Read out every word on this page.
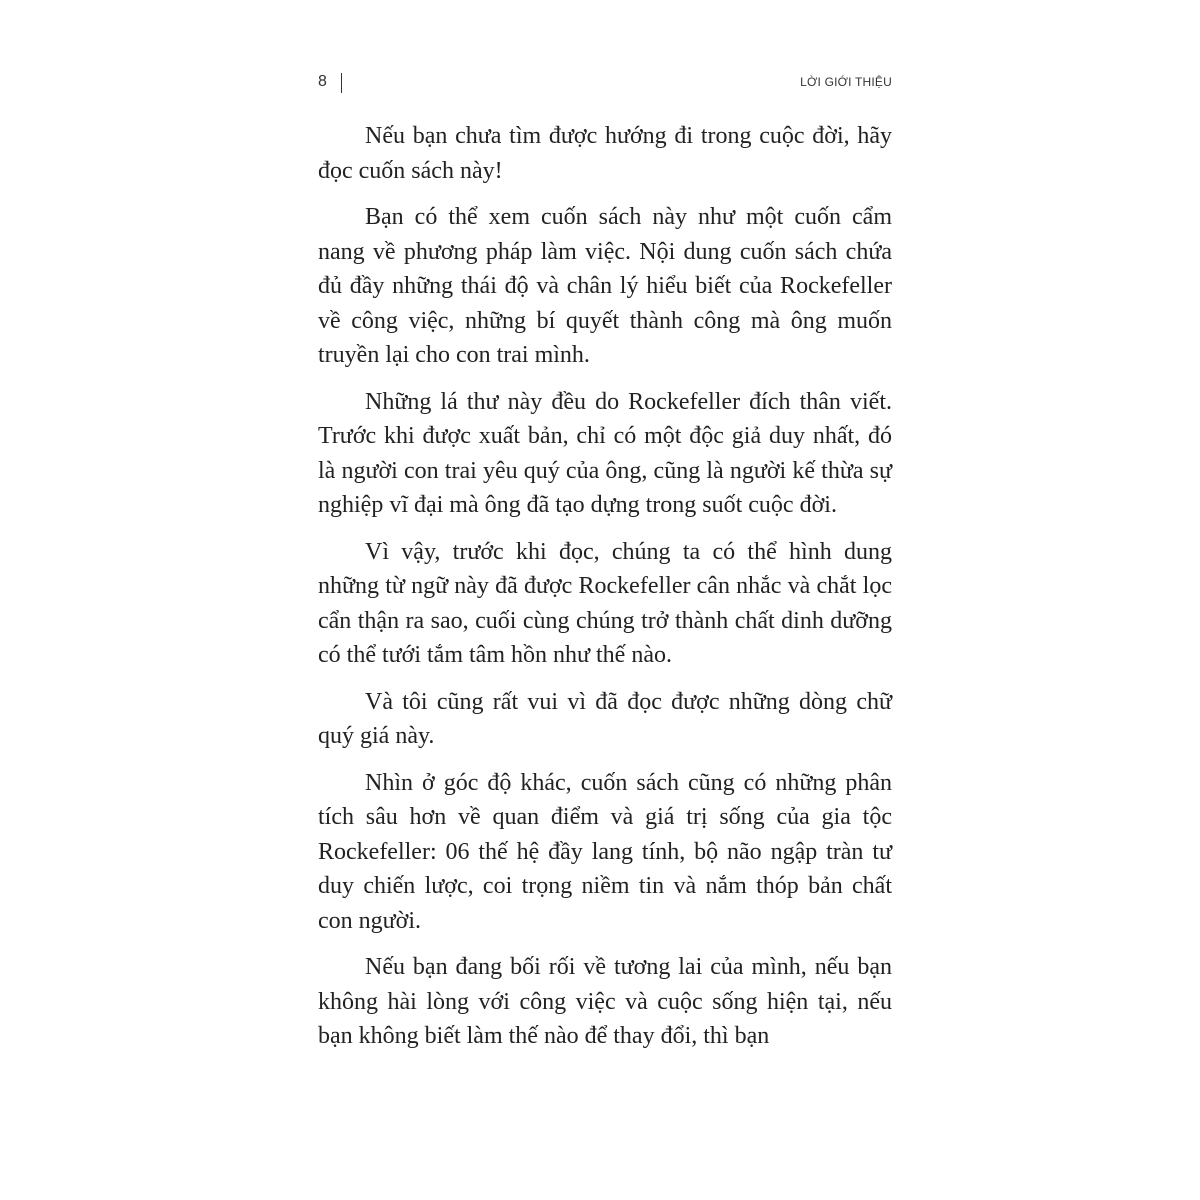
8	LỜI GIỚI THIỆU

Nếu bạn chưa tìm được hướng đi trong cuộc đời, hãy đọc cuốn sách này!

Bạn có thể xem cuốn sách này như một cuốn cẩm nang về phương pháp làm việc. Nội dung cuốn sách chứa đủ đầy những thái độ và chân lý hiểu biết của Rockefeller về công việc, những bí quyết thành công mà ông muốn truyền lại cho con trai mình.

Những lá thư này đều do Rockefeller đích thân viết. Trước khi được xuất bản, chỉ có một độc giả duy nhất, đó là người con trai yêu quý của ông, cũng là người kế thừa sự nghiệp vĩ đại mà ông đã tạo dựng trong suốt cuộc đời.

Vì vậy, trước khi đọc, chúng ta có thể hình dung những từ ngữ này đã được Rockefeller cân nhắc và chắt lọc cẩn thận ra sao, cuối cùng chúng trở thành chất dinh dưỡng có thể tưới tắm tâm hồn như thế nào.

Và tôi cũng rất vui vì đã đọc được những dòng chữ quý giá này.

Nhìn ở góc độ khác, cuốn sách cũng có những phân tích sâu hơn về quan điểm và giá trị sống của gia tộc Rockefeller: 06 thế hệ đầy lang tính, bộ não ngập tràn tư duy chiến lược, coi trọng niềm tin và nắm thóp bản chất con người.

Nếu bạn đang bối rối về tương lai của mình, nếu bạn không hài lòng với công việc và cuộc sống hiện tại, nếu bạn không biết làm thế nào để thay đổi, thì bạn
